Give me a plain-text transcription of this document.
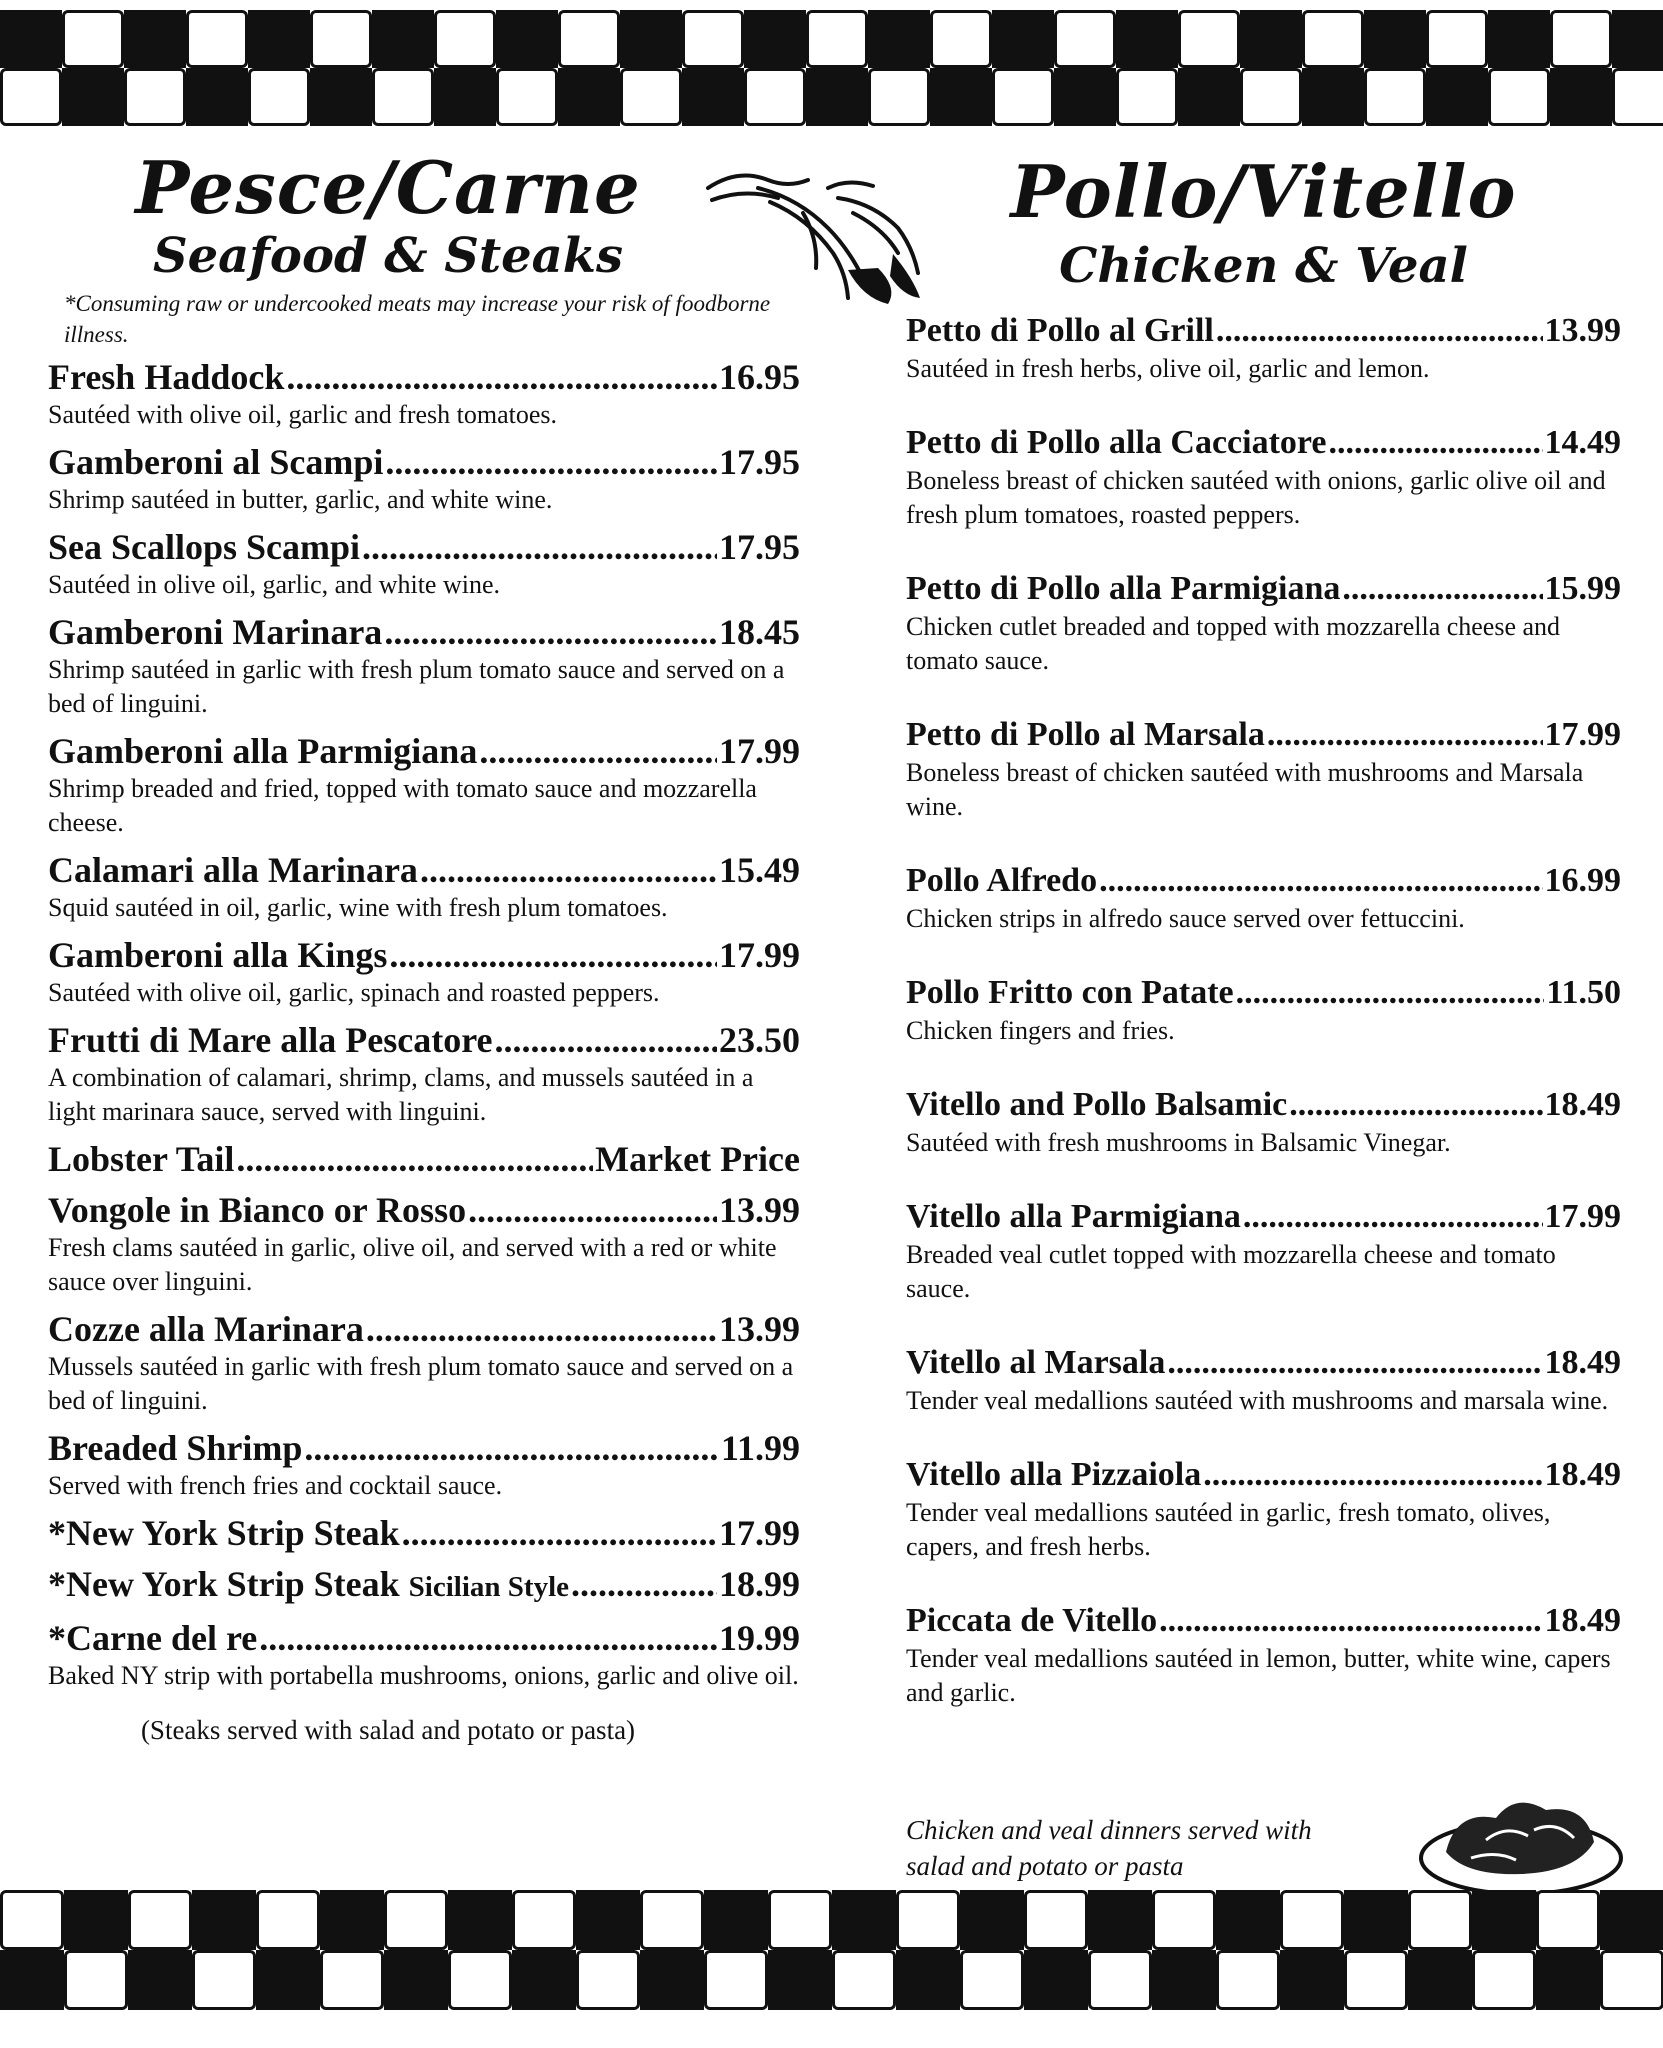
Pesce/Carne
Seafood & Steaks
*Consuming raw or undercooked meats may increase your risk of foodborne illness.
Fresh Haddock .....	16.95
Sautéed with olive oil, garlic and fresh tomatoes.
Gamberoni al Scampi .....	17.95
Shrimp sautéed in butter, garlic, and white wine.
Sea Scallops Scampi .....	17.95
Sautéed in olive oil, garlic, and white wine.
Gamberoni Marinara .....	18.45
Shrimp sautéed in garlic with fresh plum tomato sauce and served on a bed of linguini.
Gamberoni alla Parmigiana .....	17.99
Shrimp breaded and fried, topped with tomato sauce and mozzarella cheese.
Calamari alla Marinara .....	15.49
Squid sautéed in oil, garlic, wine with fresh plum tomatoes.
Gamberoni alla Kings .....	17.99
Sautéed with olive oil, garlic, spinach and roasted peppers.
Frutti di Mare alla Pescatore .....	23.50
A combination of calamari, shrimp, clams, and mussels sautéed in a light marinara sauce, served with linguini.
Lobster Tail .....	Market Price
Vongole in Bianco or Rosso .....	13.99
Fresh clams sautéed in garlic, olive oil, and served with a red or white sauce over linguini.
Cozze alla Marinara .....	13.99
Mussels sautéed in garlic with fresh plum tomato sauce and served on a bed of linguini.
Breaded Shrimp .....	11.99
Served with french fries and cocktail sauce.
*New York Strip Steak .....	17.99
*New York Strip Steak Sicilian Style .....	18.99
*Carne del re .....	19.99
Baked NY strip with portabella mushrooms, onions, garlic and olive oil.
(Steaks served with salad and potato or pasta)
Pollo/Vitello
Chicken & Veal
Petto di Pollo al Grill .....	13.99
Sautéed in fresh herbs, olive oil, garlic and lemon.
Petto di Pollo alla Cacciatore .....	14.49
Boneless breast of chicken sautéed with onions, garlic olive oil and fresh plum tomatoes, roasted peppers.
Petto di Pollo alla Parmigiana .....	15.99
Chicken cutlet breaded and topped with mozzarella cheese and tomato sauce.
Petto di Pollo al Marsala .....	17.99
Boneless breast of chicken sautéed with mushrooms and Marsala wine.
Pollo Alfredo .....	16.99
Chicken strips in alfredo sauce served over fettuccini.
Pollo Fritto con Patate .....	11.50
Chicken fingers and fries.
Vitello and Pollo Balsamic .....	18.49
Sautéed with fresh mushrooms in Balsamic Vinegar.
Vitello alla Parmigiana .....	17.99
Breaded veal cutlet topped with mozzarella cheese and tomato sauce.
Vitello al Marsala .....	18.49
Tender veal medallions sautéed with mushrooms and marsala wine.
Vitello alla Pizzaiola .....	18.49
Tender veal medallions sautéed in garlic, fresh tomato, olives, capers, and fresh herbs.
Piccata de Vitello .....	18.49
Tender veal medallions sautéed in lemon, butter, white wine, capers and garlic.
Chicken and veal dinners served with salad and potato or pasta
